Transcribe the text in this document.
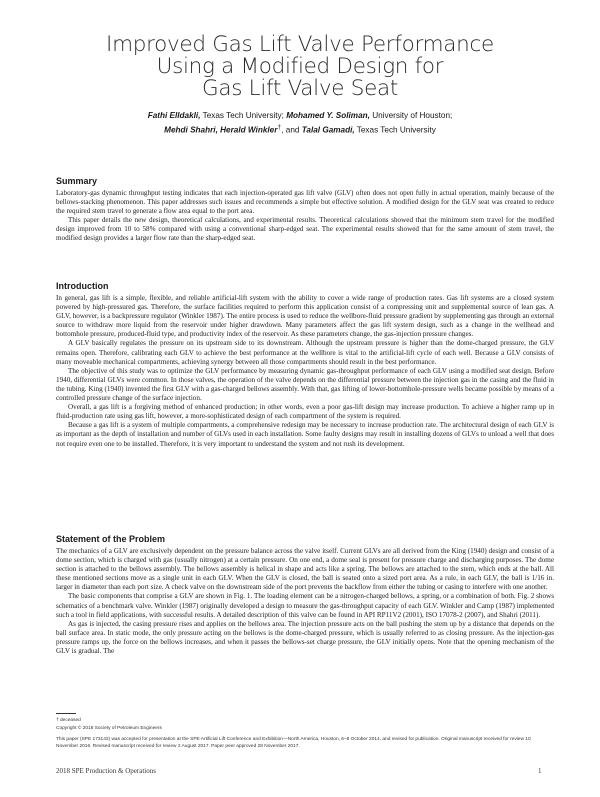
Improved Gas Lift Valve Performance
Using a Modified Design for
Gas Lift Valve Seat
Fathi Elldakli, Texas Tech University; Mohamed Y. Soliman, University of Houston;
Mehdi Shahri, Herald Winkler†, and Talal Gamadi, Texas Tech University
Summary

Laboratory-gas dynamic throughput testing indicates that each injection-operated gas lift valve (GLV) often does not open fully in actual operation, mainly because of the bellows-stacking phenomenon. This paper addresses such issues and recommends a simple but effective solution. A modified design for the GLV seat was created to reduce the required stem travel to generate a flow area equal to the port area.

This paper details the new design, theoretical calculations, and experimental results. Theoretical calculations showed that the minimum stem travel for the modified design improved from 10 to 58% compared with using a conventional sharp-edged seat. The experimental results showed that for the same amount of stem travel, the modified design provides a larger flow rate than the sharp-edged seat.

Introduction

In general, gas lift is a simple, flexible, and reliable artificial-lift system with the ability to cover a wide range of production rates. Gas lift systems are a closed system powered by high-pressured gas. Therefore, the surface facilities required to perform this application consist of a compressing unit and supplemental source of lean gas. A GLV, however, is a backpressure regulator (Winkler 1987). The entire process is used to reduce the wellbore-fluid pressure gradient by supplementing gas through an external source to withdraw more liquid from the reservoir under higher drawdown. Many parameters affect the gas lift system design, such as a change in the wellhead and bottomhole pressure, produced-fluid type, and productivity index of the reservoir. As these parameters change, the gas-injection pressure changes.

A GLV basically regulates the pressure on its upstream side to its downstream. Although the upstream pressure is higher than the dome-charged pressure, the GLV remains open. Therefore, calibrating each GLV to achieve the best performance at the wellbore is vital to the artificial-lift cycle of each well. Because a GLV consists of many moveable mechanical compartments, achieving synergy between all those compartments should result in the best performance.

The objective of this study was to optimize the GLV performance by measuring dynamic gas-throughput performance of each GLV using a modified seat design. Before 1940, differential GLVs were common. In those valves, the operation of the valve depends on the differential pressure between the injection gas in the casing and the fluid in the tubing. King (1940) invented the first GLV with a gas-charged bellows assembly. With that, gas lifting of lower-bottomhole-pressure wells became possible by means of a controlled pressure change of the surface injection.

Overall, a gas lift is a forgiving method of enhanced production; in other words, even a poor gas-lift design may increase production. To achieve a higher ramp up in fluid-production rate using gas lift, however, a more-sophisticated design of each compartment of the system is required.

Because a gas lift is a system of multiple compartments, a comprehensive redesign may be necessary to increase production rate. The architectural design of each GLV is as important as the depth of installation and number of GLVs used in each installation. Some faulty designs may result in installing dozens of GLVs to unload a well that does not require even one to be installed. Therefore, it is very important to understand the system and not rush its development.

Statement of the Problem

The mechanics of a GLV are exclusively dependent on the pressure balance across the valve itself. Current GLVs are all derived from the King (1940) design and consist of a dome section, which is charged with gas (usually nitrogen) at a certain pressure. On one end, a dome seal is present for pressure charge and discharging purposes. The dome section is attached to the bellows assembly. The bellows assembly is helical in shape and acts like a spring. The bellows are attached to the stem, which ends at the ball. All these mentioned sections move as a single unit in each GLV. When the GLV is closed, the ball is seated onto a sized port area. As a rule, in each GLV, the ball is 1/16 in. larger in diameter than each port size. A check valve on the downstream side of the port prevents the backflow from either the tubing or casing to interfere with one another.

The basic components that comprise a GLV are shown in Fig. 1. The loading element can be a nitrogen-charged bellows, a spring, or a combination of both. Fig. 2 shows schematics of a benchmark valve. Winkler (1987) originally developed a design to measure the gas-throughput capacity of each GLV. Winkler and Camp (1987) implemented such a tool in field applications, with successful results. A detailed description of this valve can be found in API RP11V2 (2001), ISO 17078-2 (2007), and Shahri (2011).

As gas is injected, the casing pressure rises and applies on the bellows area. The injection pressure acts on the ball pushing the stem up by a distance that depends on the ball surface area. In static mode, the only pressure acting on the bellows is the dome-charged pressure, which is usually referred to as closing pressure. As the injection-gas pressure ramps up, the force on the bellows increases, and when it passes the bellows-set charge pressure, the GLV initially opens. Note that the opening mechanism of the GLV is gradual. The

† deceased
Copyright © 2018 Society of Petroleum Engineers
This paper (SPE 173142) was accepted for presentation at the SPE Artificial Lift Conference and Exhibition—North America, Houston, 6–8 October 2014, and revised for publication. Original manuscript received for review 10 November 2016. Revised manuscript received for review 2 August 2017. Paper peer approved 28 November 2017.
2018 SPE Production & Operations	1
